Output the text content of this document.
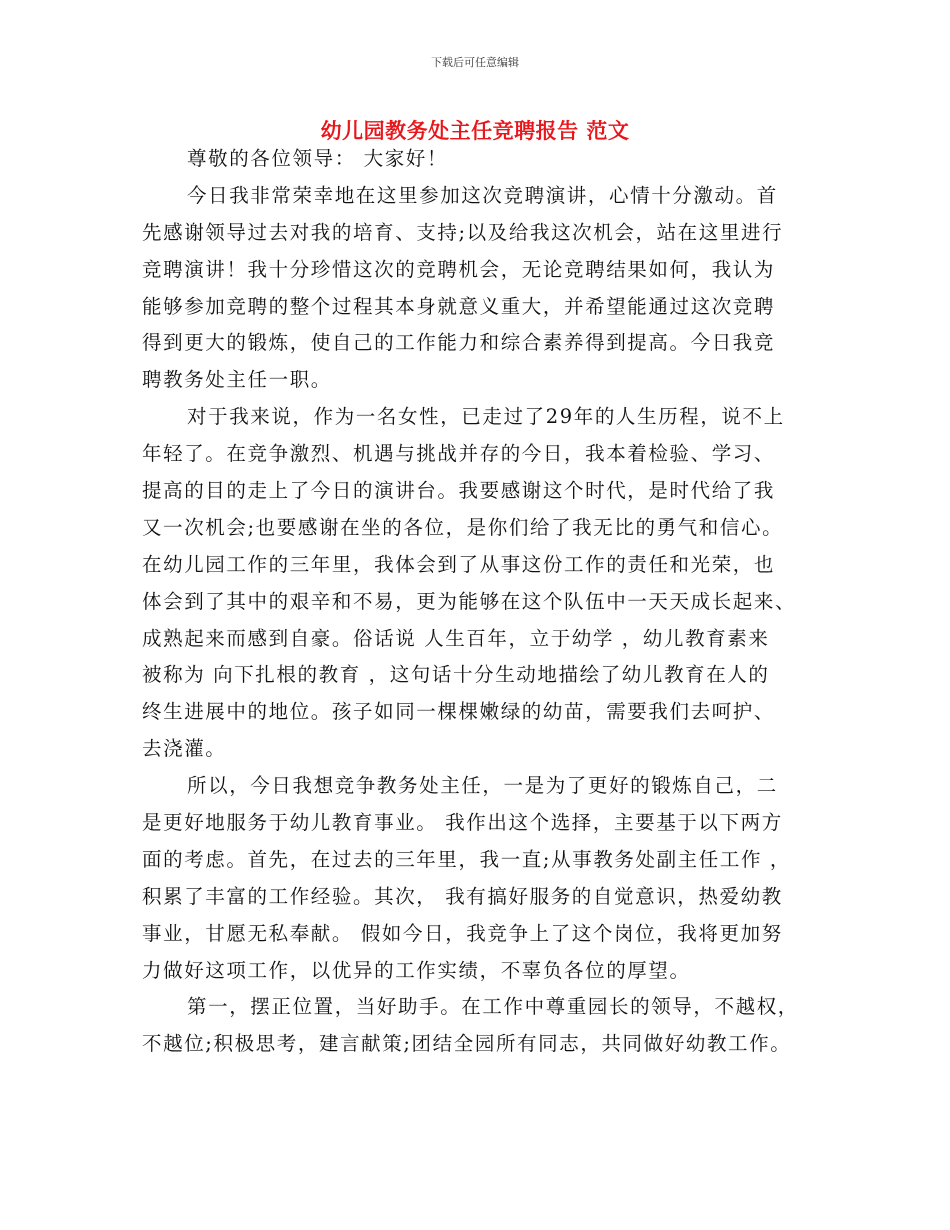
下载后可任意编辑
幼儿园教务处主任竞聘报告 范文
尊敬的各位领导： 大家好！
今日我非常荣幸地在这里参加这次竞聘演讲，心情十分激动。首
先感谢领导过去对我的培育、支持;以及给我这次机会，站在这里进行
竞聘演讲！我十分珍惜这次的竞聘机会，无论竞聘结果如何，我认为
能够参加竞聘的整个过程其本身就意义重大，并希望能通过这次竞聘
得到更大的锻炼，使自己的工作能力和综合素养得到提高。今日我竞
聘教务处主任一职。
对于我来说，作为一名女性，已走过了29年的人生历程，说不上
年轻了。在竞争激烈、机遇与挑战并存的今日，我本着检验、学习、
提高的目的走上了今日的演讲台。我要感谢这个时代，是时代给了我
又一次机会;也要感谢在坐的各位，是你们给了我无比的勇气和信心。
在幼儿园工作的三年里，我体会到了从事这份工作的责任和光荣，也
体会到了其中的艰辛和不易，更为能够在这个队伍中一天天成长起来、
成熟起来而感到自豪。俗话说 人生百年，立于幼学 ，幼儿教育素来
被称为 向下扎根的教育 ，这句话十分生动地描绘了幼儿教育在人的
终生进展中的地位。孩子如同一棵棵嫩绿的幼苗，需要我们去呵护、
去浇灌。
所以，今日我想竞争教务处主任，一是为了更好的锻炼自己，二
是更好地服务于幼儿教育事业。 我作出这个选择，主要基于以下两方
面的考虑。首先，在过去的三年里，我一直;从事教务处副主任工作 ，
积累了丰富的工作经验。其次， 我有搞好服务的自觉意识，热爱幼教
事业，甘愿无私奉献。 假如今日，我竞争上了这个岗位，我将更加努
力做好这项工作，以优异的工作实绩，不辜负各位的厚望。
第一，摆正位置，当好助手。在工作中尊重园长的领导，不越权，
不越位;积极思考，建言献策;团结全园所有同志，共同做好幼教工作。
